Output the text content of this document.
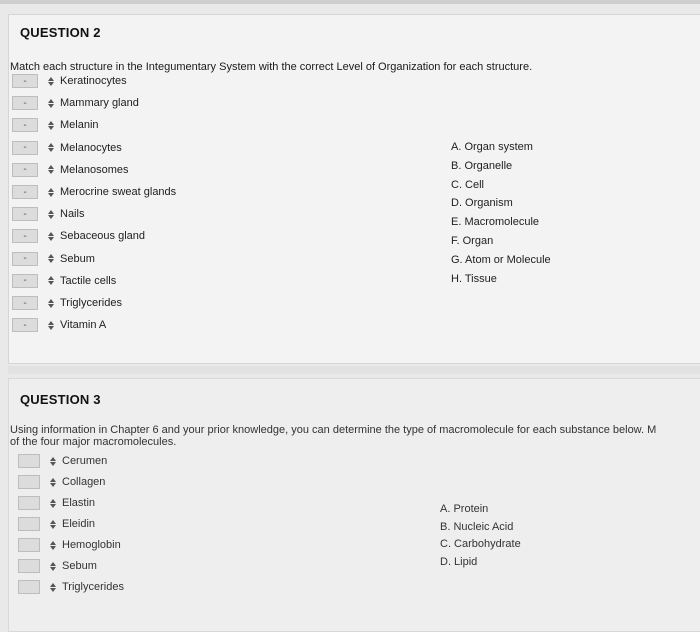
QUESTION 2
Match each structure in the Integumentary System with the correct Level of Organization for each structure.
-	Keratinocytes
-	Mammary gland
-	Melanin
-	Melanocytes
-	Melanosomes
-	Merocrine sweat glands
-	Nails
-	Sebaceous gland
-	Sebum
-	Tactile cells
-	Triglycerides
-	Vitamin A
A. Organ system
B. Organelle
C. Cell
D. Organism
E. Macromolecule
F. Organ
G. Atom or Molecule
H. Tissue
QUESTION 3
Using information in Chapter 6 and your prior knowledge, you can determine the type of macromolecule for each substance below. M
of the four major macromolecules.
Cerumen
Collagen
Elastin
Eleidin
Hemoglobin
Sebum
Triglycerides
A. Protein
B. Nucleic Acid
C. Carbohydrate
D. Lipid
